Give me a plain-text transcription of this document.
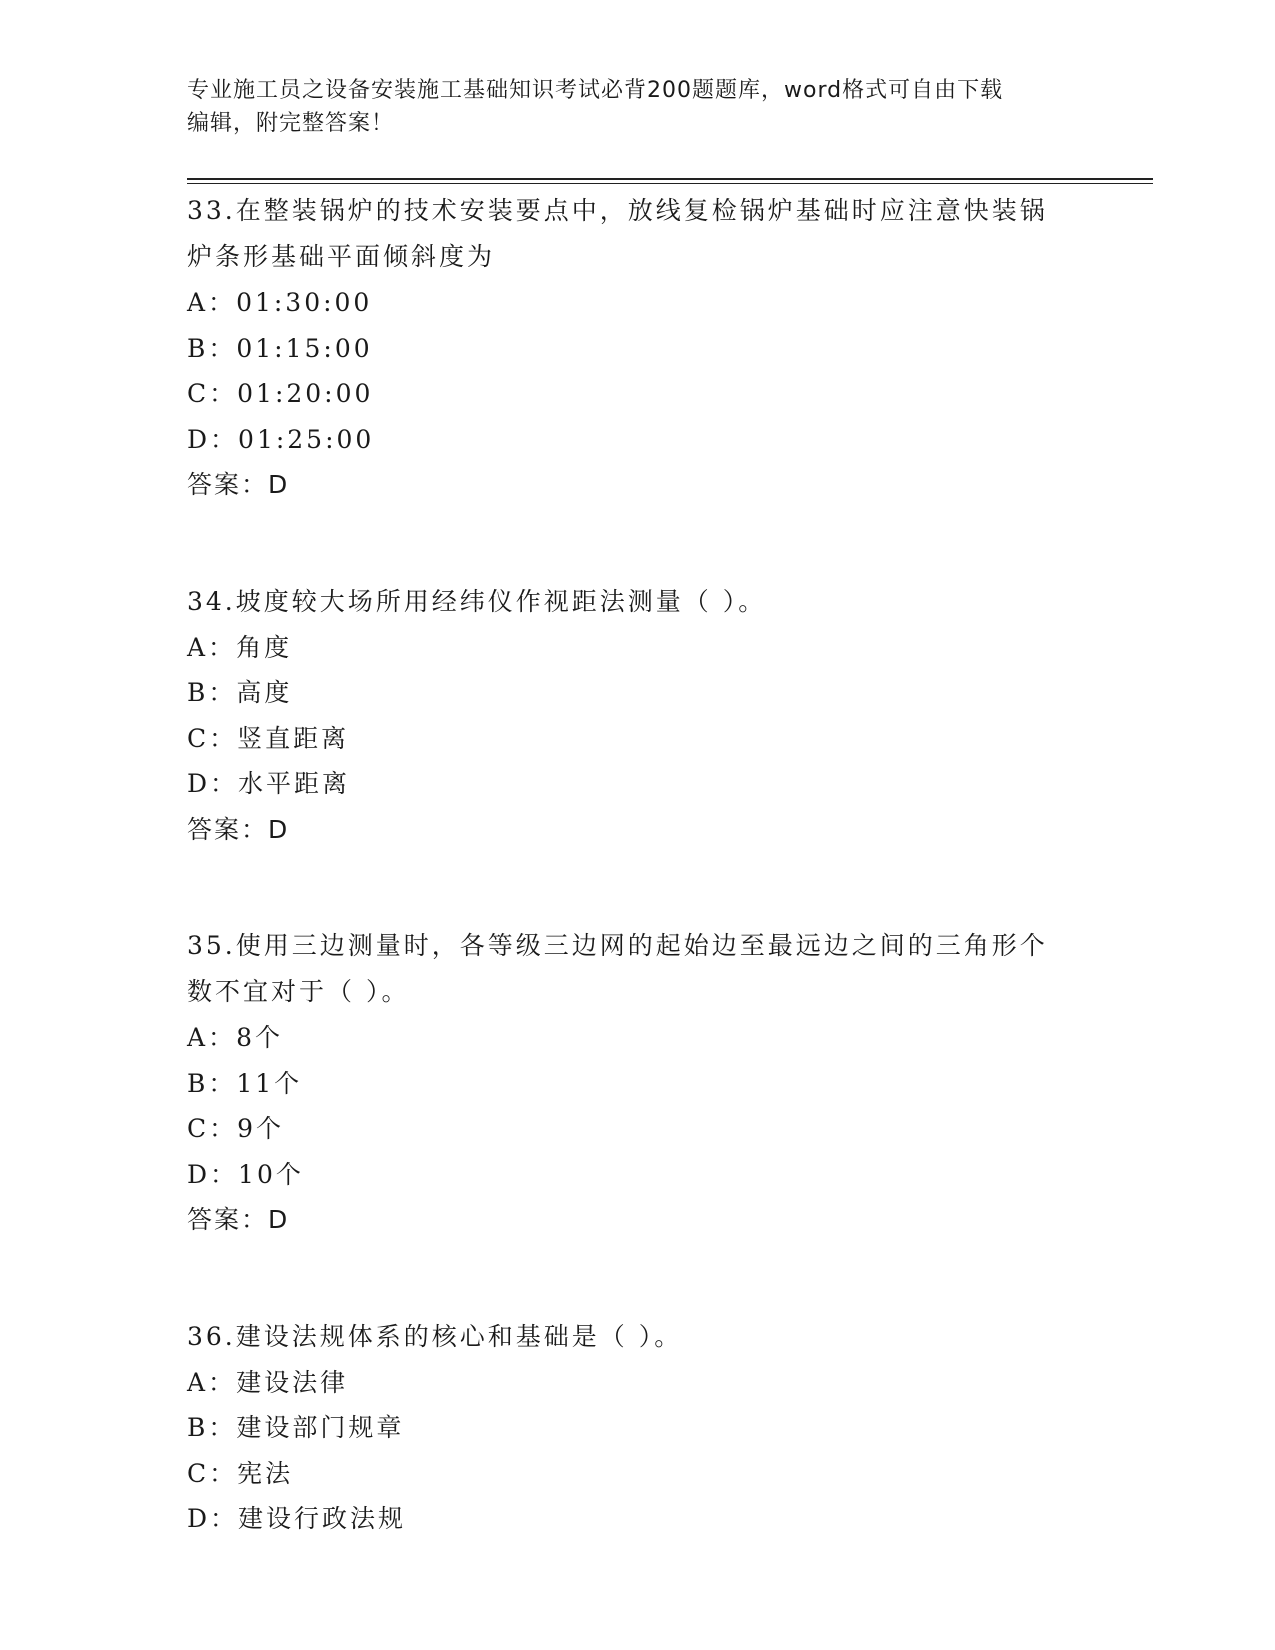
专业施工员之设备安装施工基础知识考试必背200题题库，word格式可自由下载
编辑，附完整答案！
33.在整装锅炉的技术安装要点中，放线复检锅炉基础时应注意快装锅
炉条形基础平面倾斜度为
A：01:30:00
B：01:15:00
C：01:20:00
D：01:25:00
答案：D
34.坡度较大场所用经纬仪作视距法测量（ ）。
A：角度
B：高度
C：竖直距离
D：水平距离
答案：D
35.使用三边测量时，各等级三边网的起始边至最远边之间的三角形个
数不宜对于（ ）。
A：8个
B：11个
C：9个
D：10个
答案：D
36.建设法规体系的核心和基础是（ ）。
A：建设法律
B：建设部门规章
C：宪法
D：建设行政法规
